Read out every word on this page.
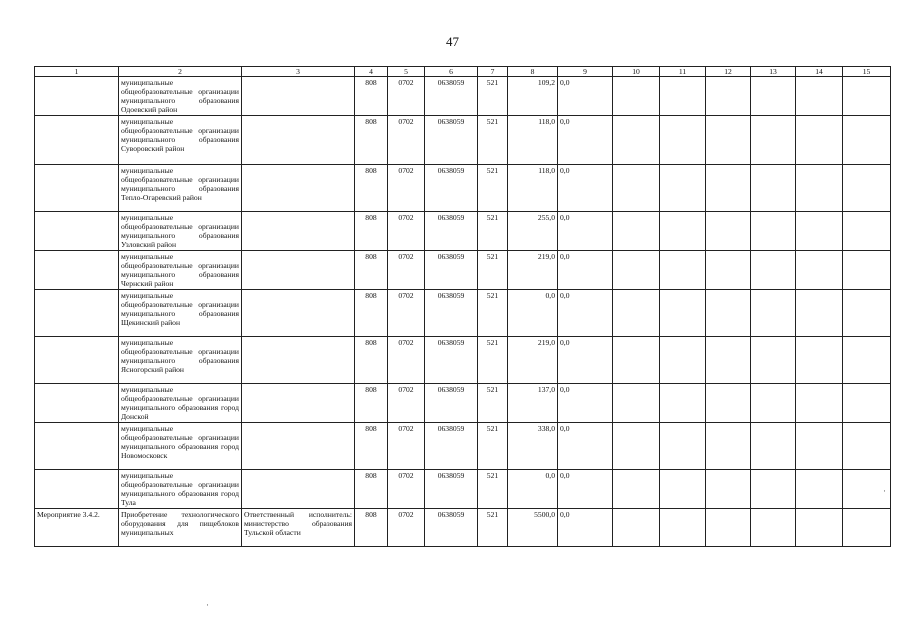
47
1	2	3	4	5	6	7	8	9	10	11	12	13	14	15
	муниципальные общеобразовательные организации муниципального образования Одоевский район		808	0702	0638059	521	109,2	0,0						
	муниципальные общеобразовательные организации муниципального образования Суворовский район		808	0702	0638059	521	118,0	0,0						
	муниципальные общеобразовательные организации муниципального образования Тепло-Огаревский район		808	0702	0638059	521	118,0	0,0						
	муниципальные общеобразовательные организации муниципального образования Узловский район		808	0702	0638059	521	255,0	0,0						
	муниципальные общеобразовательные организации муниципального образования Чернский район		808	0702	0638059	521	219,0	0,0						
	муниципальные общеобразовательные организации муниципального образования Щекинский район		808	0702	0638059	521	0,0	0,0						
	муниципальные общеобразовательные организации муниципального образования Ясногорский район		808	0702	0638059	521	219,0	0,0						
	муниципальные общеобразовательные организации муниципального образования город Донской		808	0702	0638059	521	137,0	0,0						
	муниципальные общеобразовательные организации муниципального образования город Новомосковск		808	0702	0638059	521	338,0	0,0						
	муниципальные общеобразовательные организации муниципального образования город Тула		808	0702	0638059	521	0,0	0,0						
Мероприятие 3.4.2.	Приобретение технологического оборудования для пищеблоков муниципальных	Ответственный исполнитель: министерство образования Тульской области	808	0702	0638059	521	5500,0	0,0						
·
·
